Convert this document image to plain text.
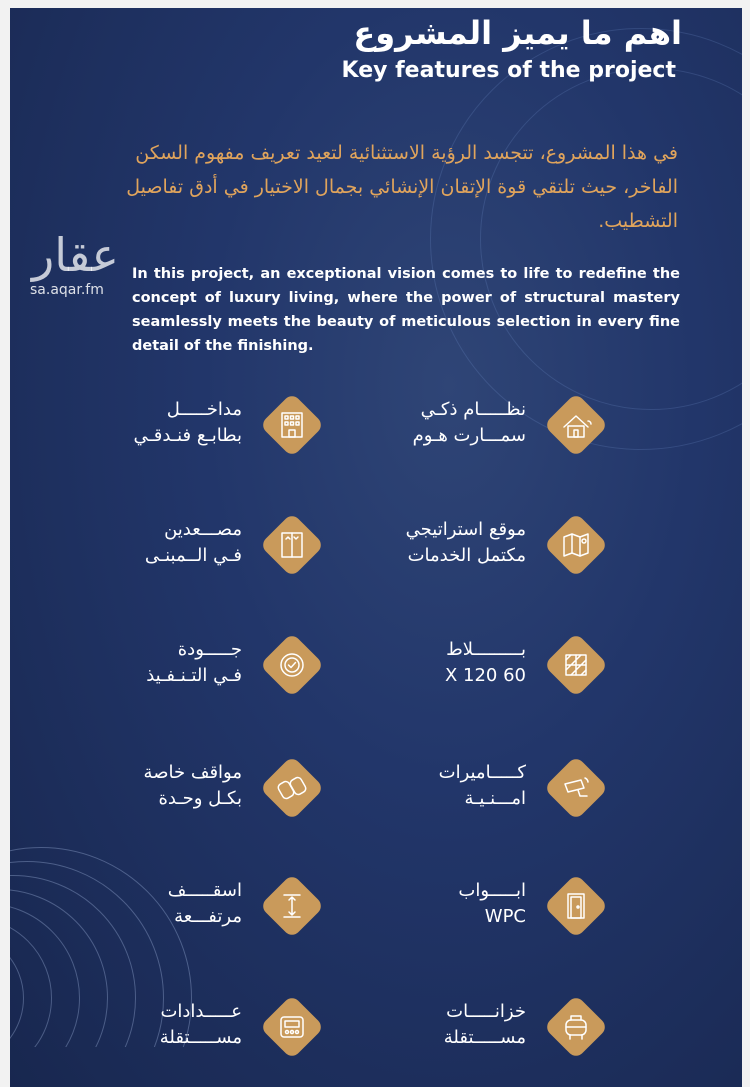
اهم ما يميز المشروع
Key features of the project
في هذا المشروع، تتجسد الرؤية الاستثنائية لتعيد تعريف مفهوم السكن الفاخر، حيث تلتقي قوة الإتقان الإنشائي بجمال الاختيار في أدق تفاصيل التشطيب.
In this project, an exceptional vision comes to life to redefine the concept of luxury living, where the power of structural mastery seamlessly meets the beauty of meticulous selection in every fine detail of the finishing.
عقار
sa.aqar.fm
نظـــــام ذكـي
سمـــارت هـوم
مداخـــــل
بطابـع فنـدقـي
موقع استراتيجي
مكتمل الخدمات
مصـــعدين
فـي الــمبنـى
بـــــــــلاط
60 X 120
جـــــودة
فـي التـنـفـيذ
كـــــاميرات
امـــنـيـة
مواقف خاصة
بكـل وحـدة
ابـــــواب
WPC
اسقـــــف
مرتفـــعة
خزانـــــات
مســـــتقلة
عـــــدادات
مســـــتقلة
